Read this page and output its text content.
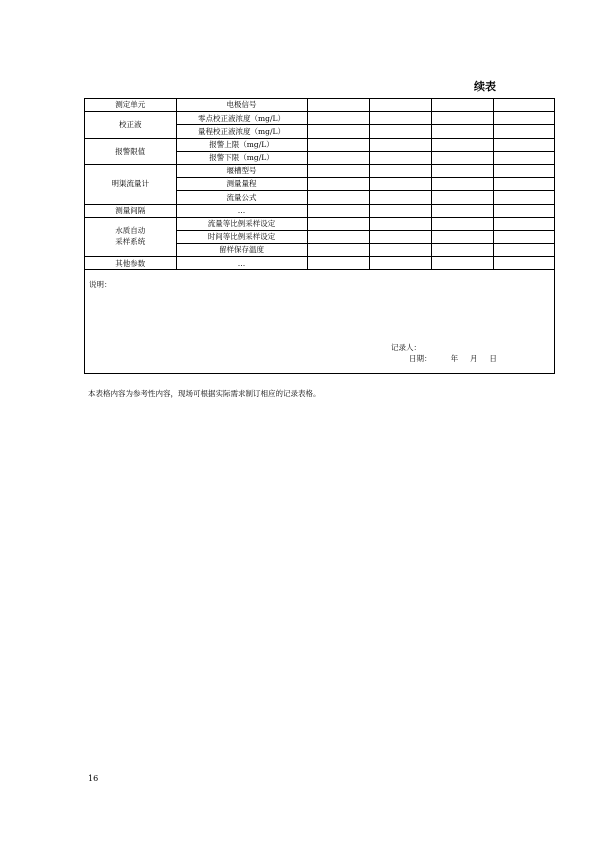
续表
测定单元	电极信号				
校正液	零点校正液浓度（mg/L）				
	量程校正液浓度（mg/L）				
报警限值	报警上限（mg/L）				
	报警下限（mg/L）				
明渠流量计	堰槽型号				
	测量量程				
	流量公式				
测量间隔	…				
水质自动
采样系统	流量等比例采样设定				
	时间等比例采样设定				
	留样保存温度				
其他参数	…				
说明：
记录人：
日期：	年 月 日
本表格内容为参考性内容，现场可根据实际需求制订相应的记录表格。
16
